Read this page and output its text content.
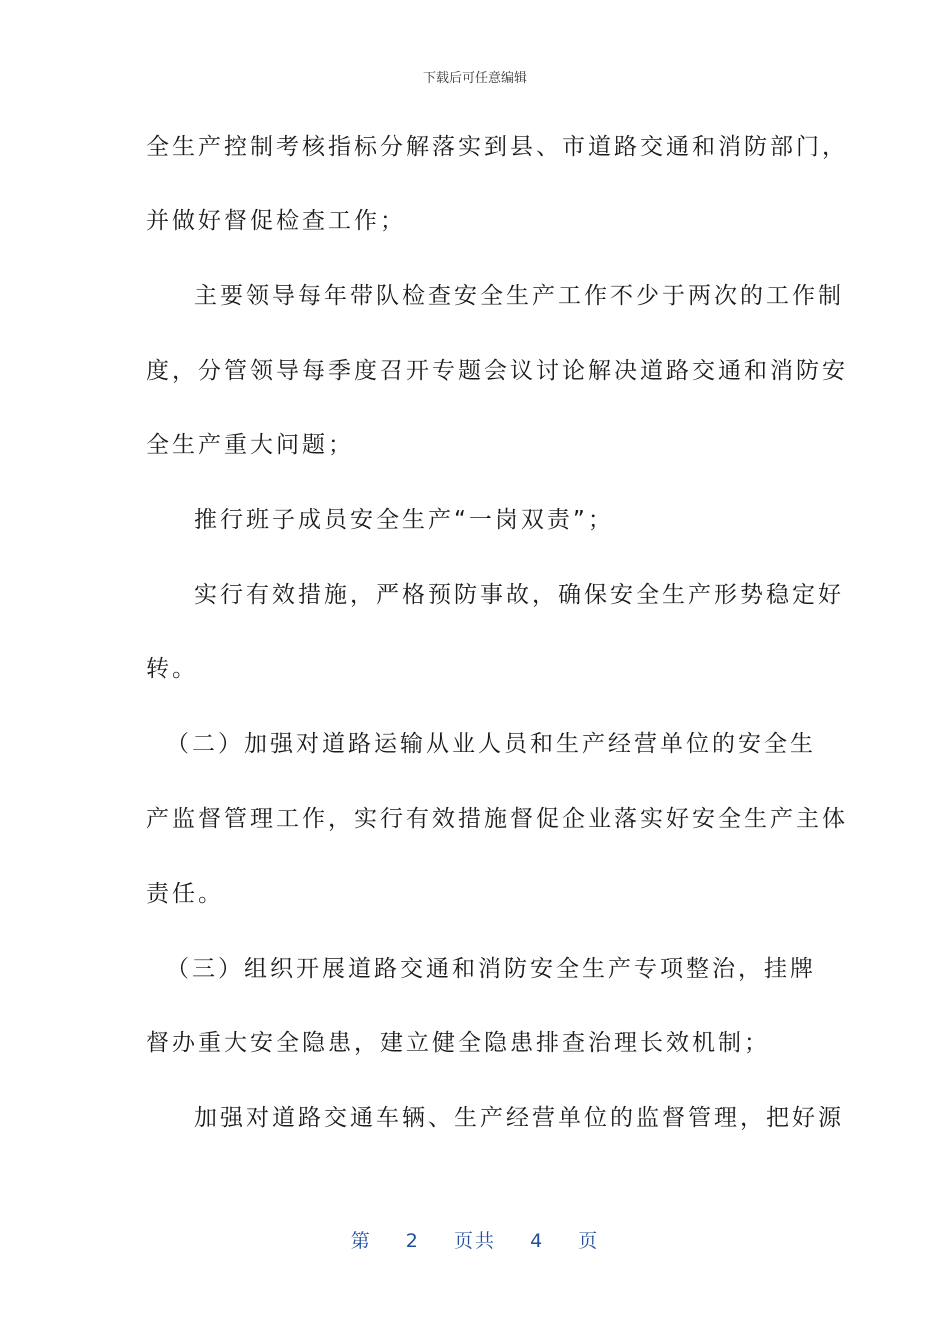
下载后可任意编辑
全生产控制考核指标分解落实到县、市道路交通和消防部门，
并做好督促检查工作；
主要领导每年带队检查安全生产工作不少于两次的工作制
度，分管领导每季度召开专题会议讨论解决道路交通和消防安
全生产重大问题；
推行班子成员安全生产“一岗双责”；
实行有效措施，严格预防事故，确保安全生产形势稳定好
转。
（二）加强对道路运输从业人员和生产经营单位的安全生
产监督管理工作，实行有效措施督促企业落实好安全生产主体
责任。
（三）组织开展道路交通和消防安全生产专项整治，挂牌
督办重大安全隐患，建立健全隐患排查治理长效机制；
加强对道路交通车辆、生产经营单位的监督管理，把好源
第 2 页共 4 页
